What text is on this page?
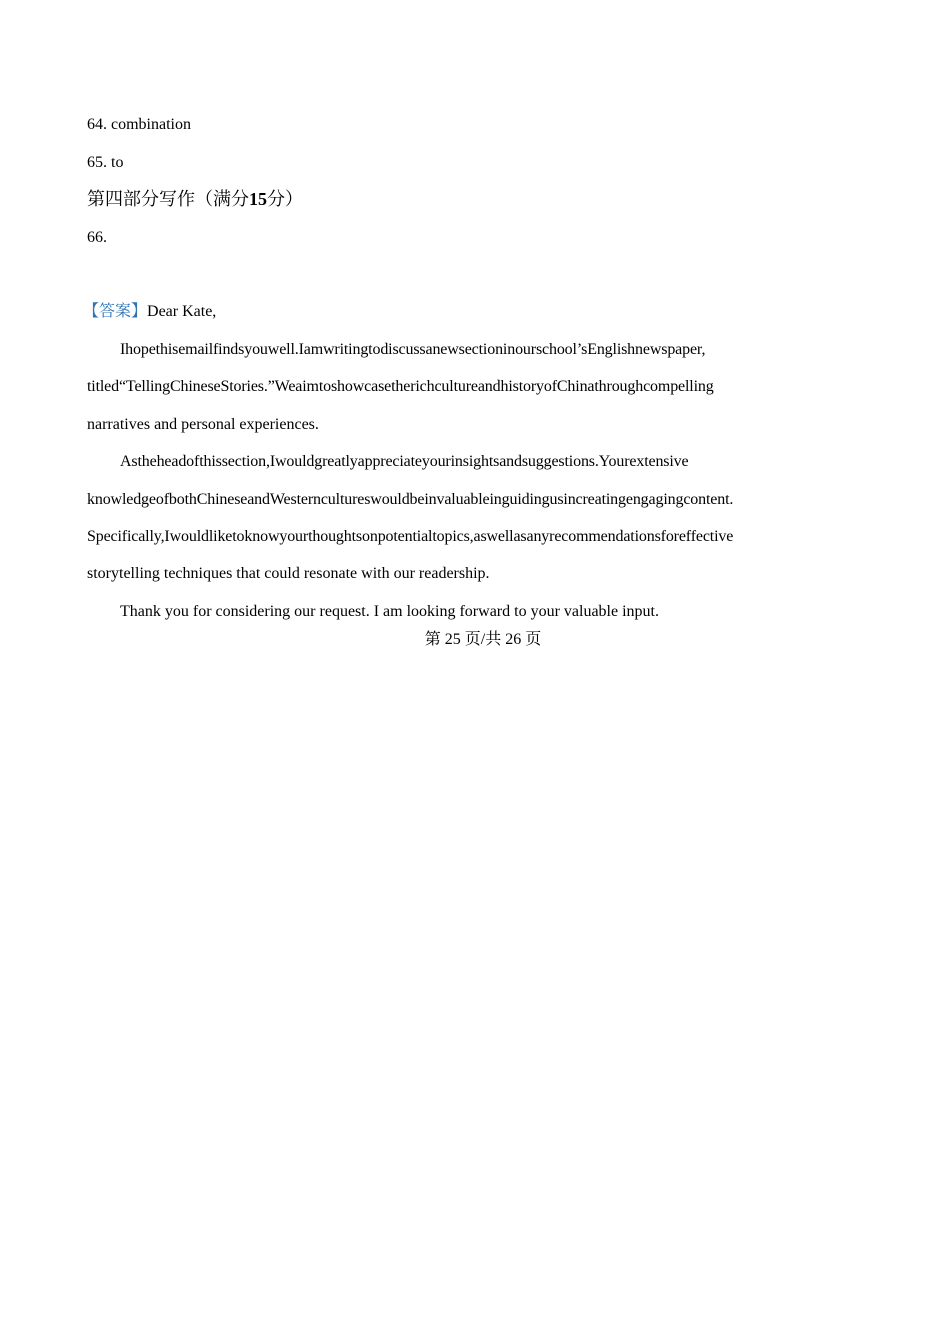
64. combination
65. to
第四部分写作（满分15分）
66.
【答案】Dear Kate,
Ihopethisemailfindsyouwell.Iamwritingtodiscussanewsectioninourschool’sEnglishnewspaper,
titled“TellingChineseStories.”WeaimtoshowcasetherichcultureandhistoryofChinathroughcompelling
narratives and personal experiences.
Astheheadofthissection,Iwouldgreatlyappreciateyourinsightsandsuggestions.Yourextensive
knowledgeofbothChineseandWesterncultureswouldbeinvaluableinguidingusincreatingengagingcontent.
Specifically,Iwouldliketoknowyourthoughtsonpotentialtopics,aswellasanyrecommendationsforeffective
storytelling techniques that could resonate with our readership.
Thank you for considering our request. I am looking forward to your valuable input.
第 25 页/共 26 页
